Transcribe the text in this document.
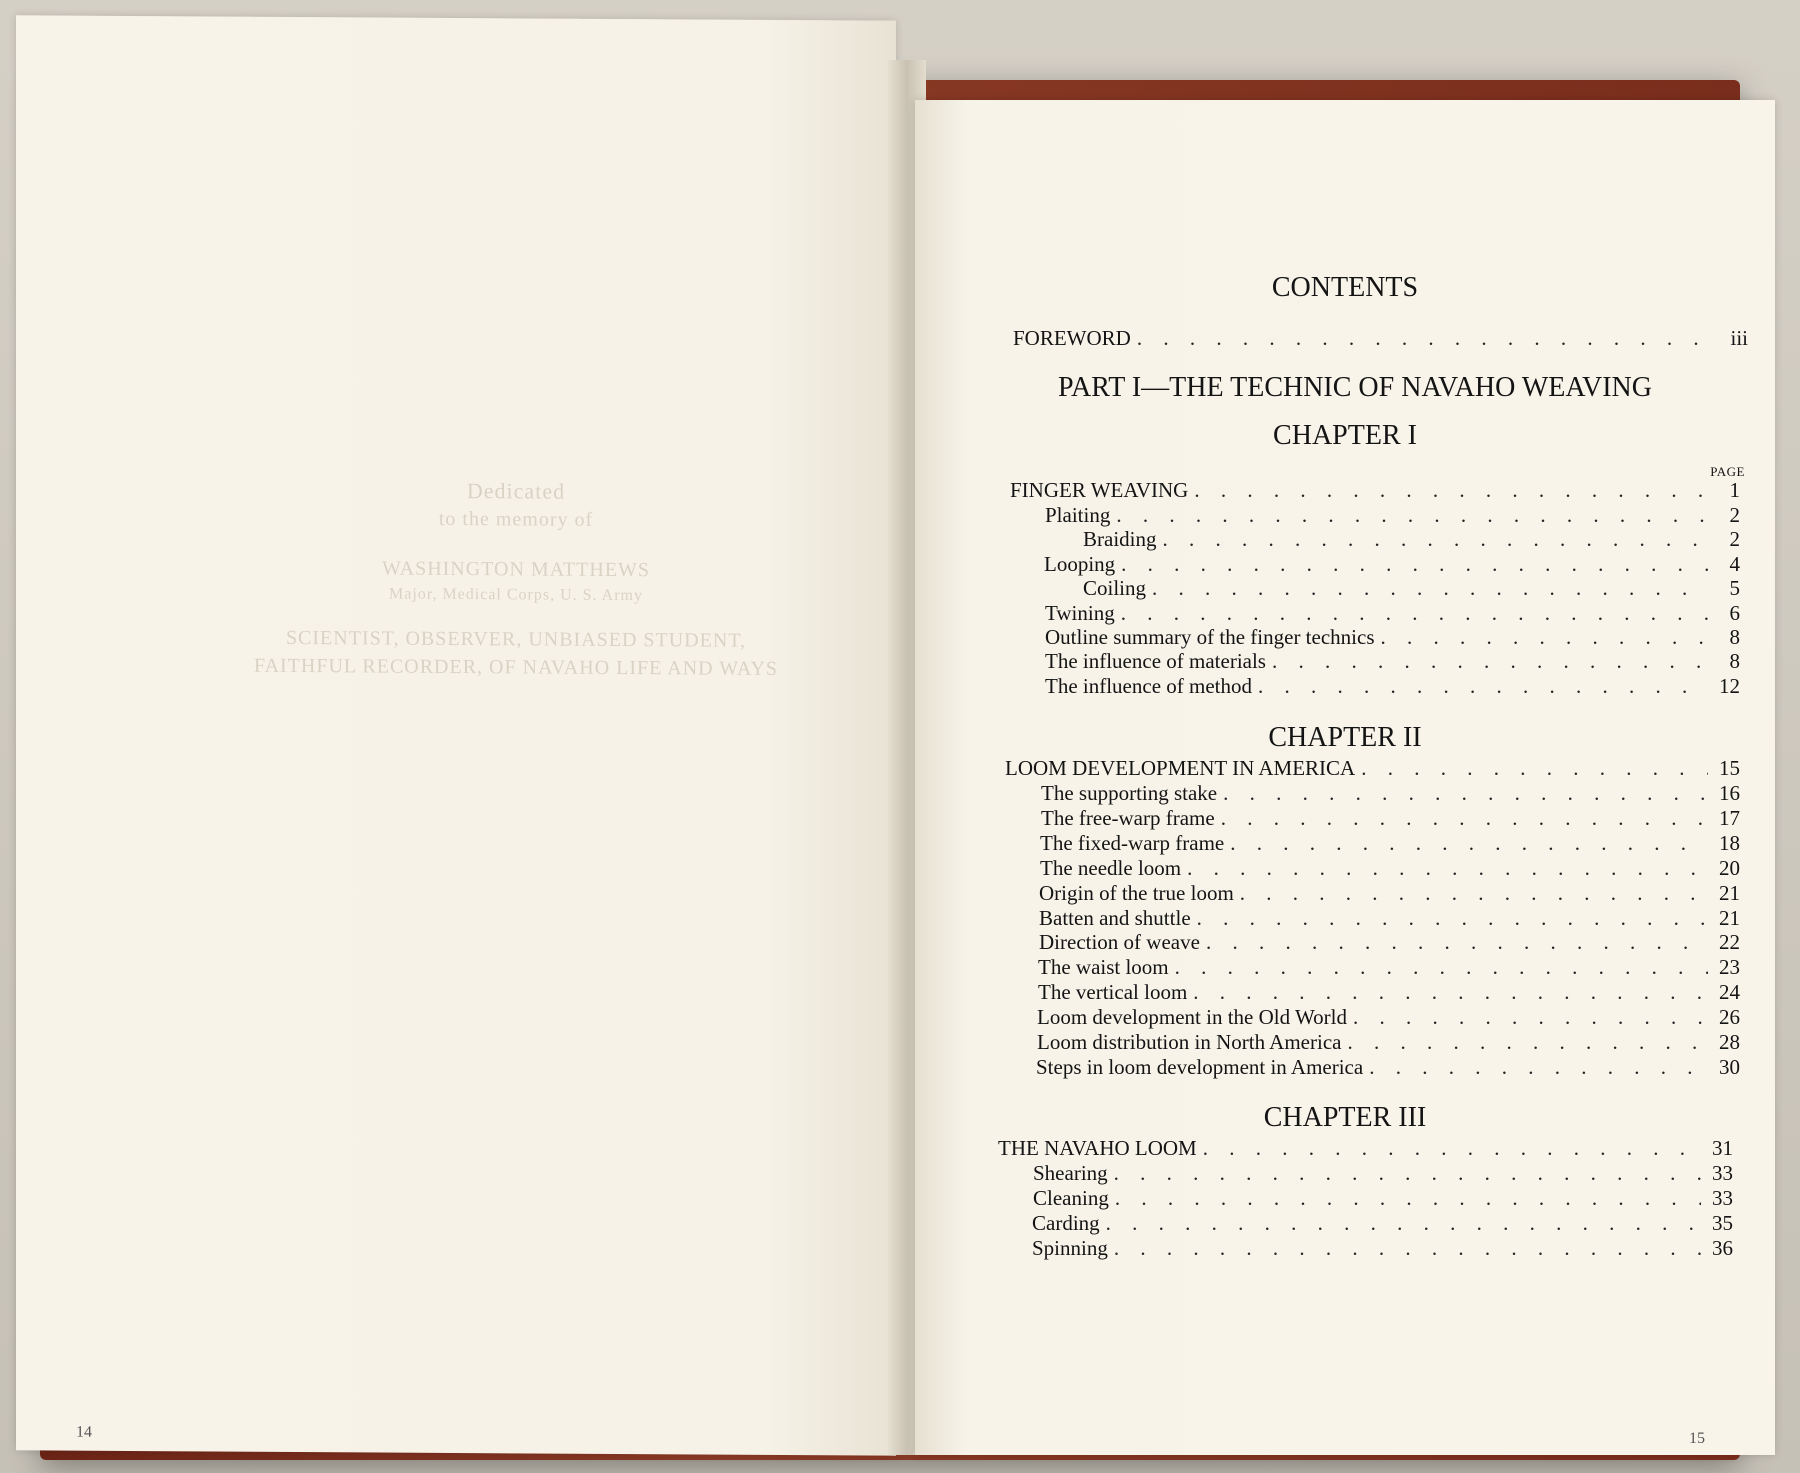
Dedicated
to the memory of
WASHINGTON MATTHEWS
Major, Medical Corps, U. S. Army
SCIENTIST, OBSERVER, UNBIASED STUDENT,
FAITHFUL RECORDER, OF NAVAHO LIFE AND WAYS
14
CONTENTS
FOREWORD . . .	iii
PART I—THE TECHNIC OF NAVAHO WEAVING
CHAPTER I
PAGE
FINGER WEAVING . . .	1
Plaiting . . .	2
Braiding . . .	2
Looping . . .	4
Coiling . . .	5
Twining . . .	6
Outline summary of the finger technics . . .	8
The influence of materials . . .	8
The influence of method . . .	12
CHAPTER II
LOOM DEVELOPMENT IN AMERICA . . .	15
The supporting stake . . .	16
The free-warp frame . . .	17
The fixed-warp frame . . .	18
The needle loom . . .	20
Origin of the true loom . . .	21
Batten and shuttle . . .	21
Direction of weave . . .	22
The waist loom . . .	23
The vertical loom . . .	24
Loom development in the Old World . . .	26
Loom distribution in North America . . .	28
Steps in loom development in America . . .	30
CHAPTER III
THE NAVAHO LOOM . . .	31
Shearing . . .	33
Cleaning . . .	33
Carding . . .	35
Spinning . . .	36
15
